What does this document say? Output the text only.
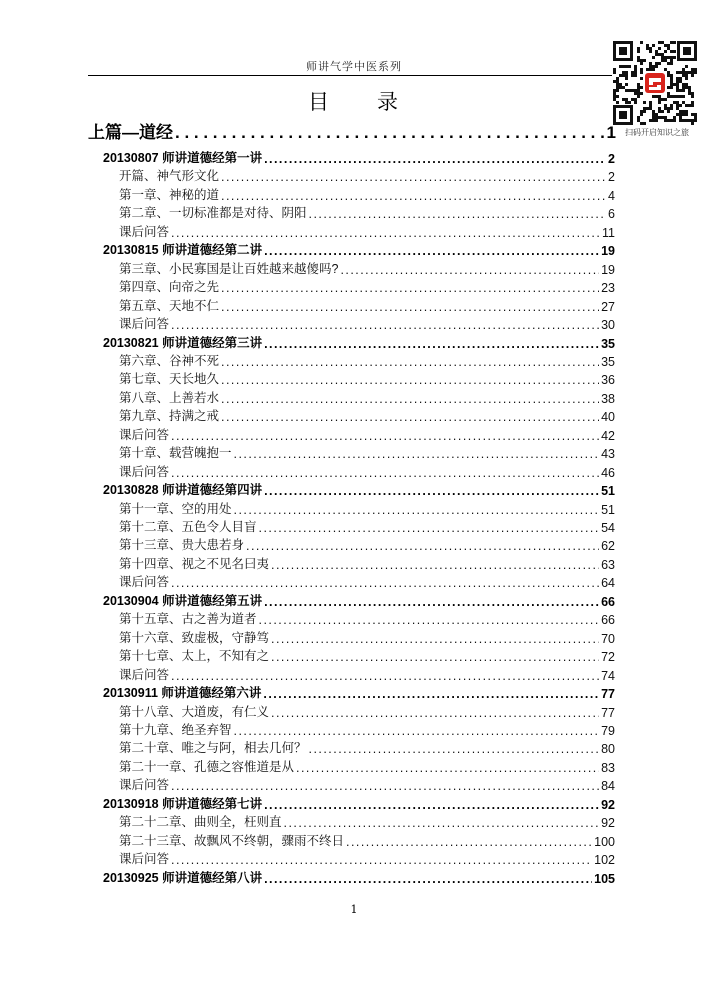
师讲气学中医系列
扫码开启知识之旅
目 录
上篇—道经 . . .	1
20130807 师讲道德经第一讲 . . .	2
开篇、神气形文化 . . .	2
第一章、神秘的道 . . .	4
第二章、一切标准都是对待、阴阳 . . .	6
课后问答 . . .	11
20130815 师讲道德经第二讲 . . .	19
第三章、小民寡国是让百姓越来越傻吗? . . .	19
第四章、向帝之先 . . .	23
第五章、天地不仁 . . .	27
课后问答 . . .	30
20130821 师讲道德经第三讲 . . .	35
第六章、谷神不死 . . .	35
第七章、天长地久 . . .	36
第八章、上善若水 . . .	38
第九章、持满之戒 . . .	40
课后问答 . . .	42
第十章、载营魄抱一 . . .	43
课后问答 . . .	46
20130828 师讲道德经第四讲 . . .	51
第十一章、空的用处 . . .	51
第十二章、五色令人目盲 . . .	54
第十三章、贵大患若身 . . .	62
第十四章、视之不见名曰夷 . . .	63
课后问答 . . .	64
20130904 师讲道德经第五讲 . . .	66
第十五章、古之善为道者 . . .	66
第十六章、致虚极，守静笃 . . .	70
第十七章、太上，不知有之 . . .	72
课后问答 . . .	74
20130911 师讲道德经第六讲 . . .	77
第十八章、大道废，有仁义 . . .	77
第十九章、绝圣弃智 . . .	79
第二十章、唯之与阿，相去几何？ . . .	80
第二十一章、孔德之容惟道是从 . . .	83
课后问答 . . .	84
20130918 师讲道德经第七讲 . . .	92
第二十二章、曲则全，枉则直 . . .	92
第二十三章、故飘风不终朝，骤雨不终日 . . .	100
课后问答 . . .	102
20130925 师讲道德经第八讲 . . .	105
1
